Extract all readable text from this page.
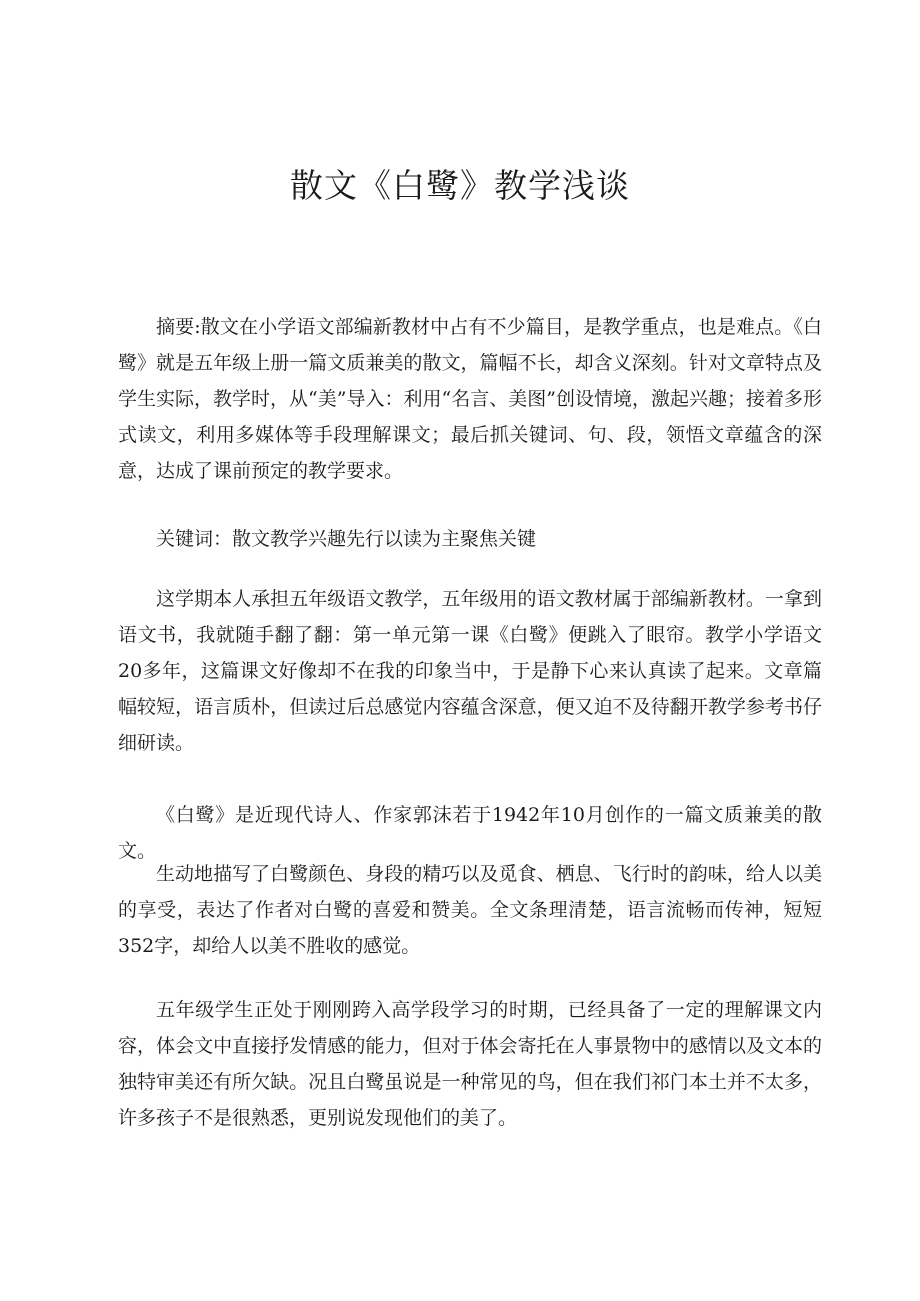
散文《白鹭》教学浅谈

摘要:散文在小学语文部编新教材中占有不少篇目，是教学重点，也是难点。《白鹭》就是五年级上册一篇文质兼美的散文，篇幅不长，却含义深刻。针对文章特点及学生实际，教学时，从“美”导入：利用“名言、美图”创设情境，激起兴趣；接着多形式读文，利用多媒体等手段理解课文；最后抓关键词、句、段，领悟文章蕴含的深意，达成了课前预定的教学要求。

关键词：散文教学兴趣先行以读为主聚焦关键

这学期本人承担五年级语文教学，五年级用的语文教材属于部编新教材。一拿到语文书，我就随手翻了翻：第一单元第一课《白鹭》便跳入了眼帘。教学小学语文20多年，这篇课文好像却不在我的印象当中，于是静下心来认真读了起来。文章篇幅较短，语言质朴，但读过后总感觉内容蕴含深意，便又迫不及待翻开教学参考书仔细研读。

《白鹭》是近现代诗人、作家郭沫若于1942年10月创作的一篇文质兼美的散文。

生动地描写了白鹭颜色、身段的精巧以及觅食、栖息、飞行时的韵味，给人以美的享受，表达了作者对白鹭的喜爱和赞美。全文条理清楚，语言流畅而传神，短短352字，却给人以美不胜收的感觉。

五年级学生正处于刚刚跨入高学段学习的时期，已经具备了一定的理解课文内容，体会文中直接抒发情感的能力，但对于体会寄托在人事景物中的感情以及文本的独特审美还有所欠缺。况且白鹭虽说是一种常见的鸟，但在我们祁门本土并不太多，许多孩子不是很熟悉，更别说发现他们的美了。
